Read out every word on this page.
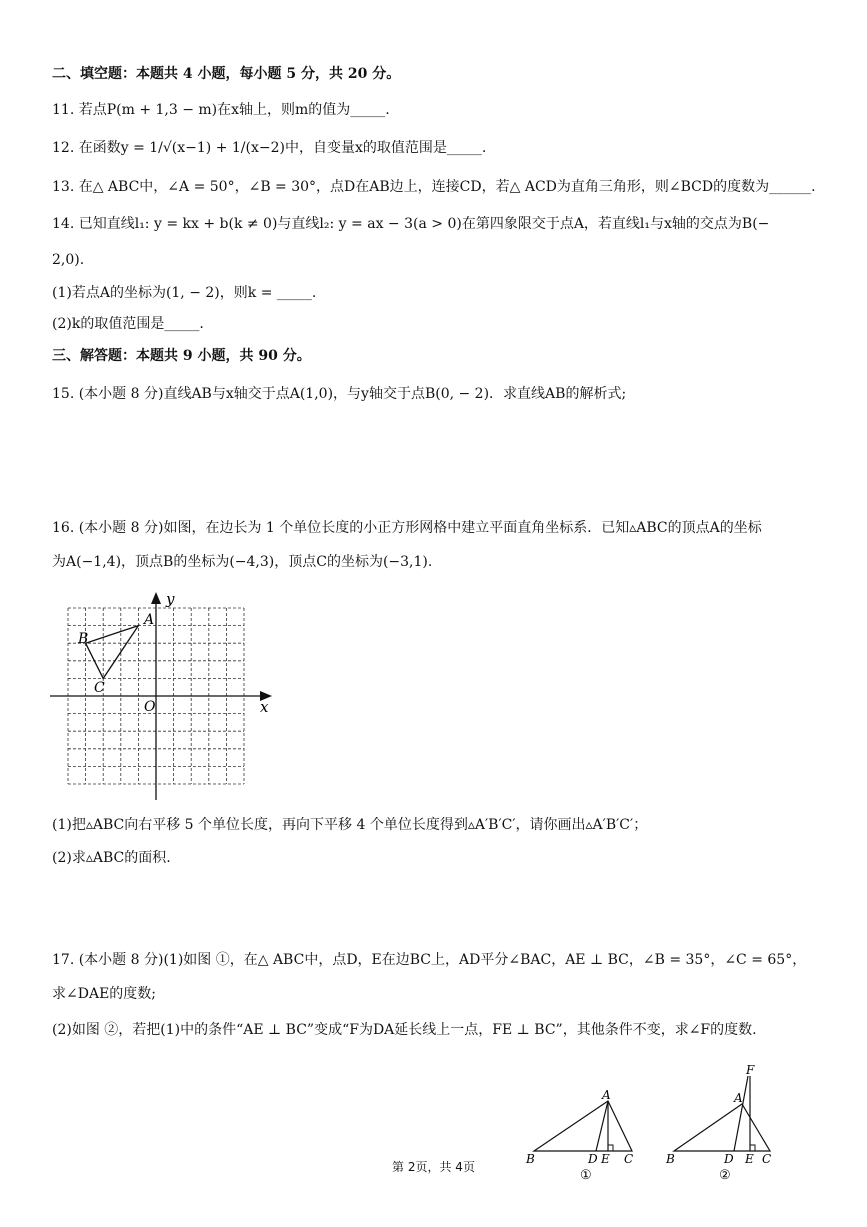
二、填空题：本题共 4 小题，每小题 5 分，共 20 分。
11. 若点P(m + 1,3 − m)在x轴上，则m的值为_____.
12. 在函数y = 1/√(x−1) + 1/(x−2)中，自变量x的取值范围是_____.
13. 在△ ABC中，∠A = 50°，∠B = 30°，点D在AB边上，连接CD，若△ ACD为直角三角形，则∠BCD的度数为______.
14. 已知直线l₁: y = kx + b(k ≠ 0)与直线l₂: y = ax − 3(a > 0)在第四象限交于点A，若直线l₁与x轴的交点为B(−
2,0).
(1)若点A的坐标为(1, − 2)，则k = _____.
(2)k的取值范围是_____.
三、解答题：本题共 9 小题，共 90 分。
15. (本小题 8 分)直线AB与x轴交于点A(1,0)，与y轴交于点B(0, − 2)．求直线AB的解析式;
16. (本小题 8 分)如图，在边长为 1 个单位长度的小正方形网格中建立平面直角坐标系．已知▵ABC的顶点A的坐标
为A(−1,4)，顶点B的坐标为(−4,3)，顶点C的坐标为(−3,1).
x
y
O
A
B
C
(1)把▵ABC向右平移 5 个单位长度，再向下平移 4 个单位长度得到▵A′B′C′，请你画出▵A′B′C′；
(2)求▵ABC的面积.
17. (本小题 8 分)(1)如图 ①，在△ ABC中，点D，E在边BC上，AD平分∠BAC，AE ⊥ BC，∠B = 35°，∠C = 65°，
求∠DAE的度数;
(2)如图 ②，若把(1)中的条件“AE ⊥ BC”变成“F为DA延长线上一点，FE ⊥ BC”，其他条件不变，求∠F的度数.
A
B	D E C
①
F
A
B	D E C
②
第 2页，共 4页
